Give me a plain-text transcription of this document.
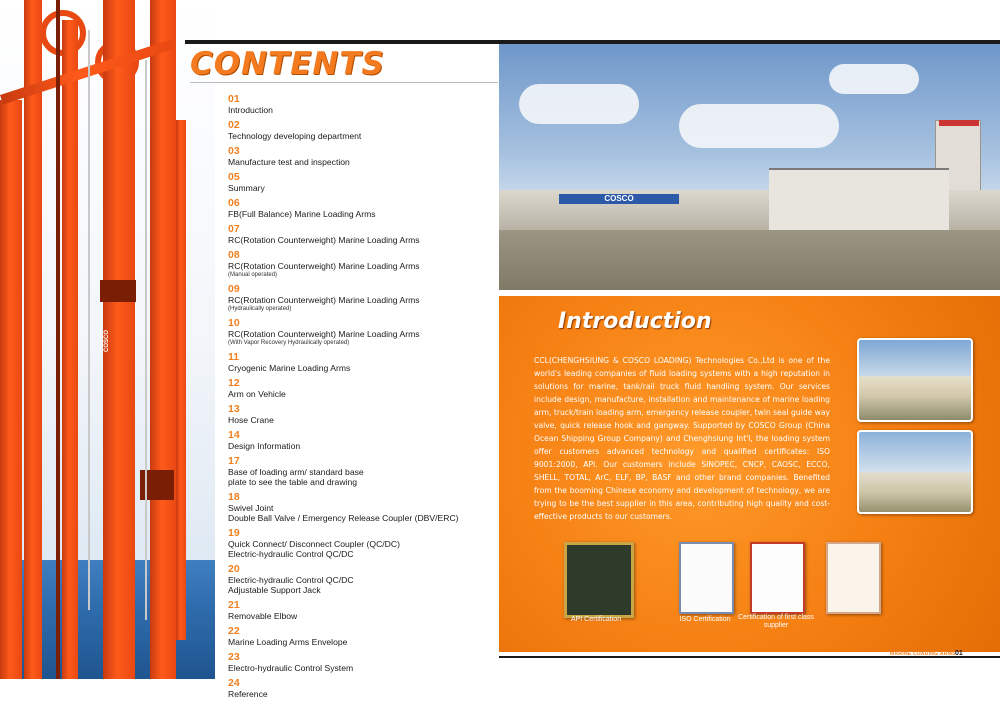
COSCO
CONTENTS
01
Introduction
02
Technology developing department
03
Manufacture test and inspection
05
Summary
06
FB(Full Balance) Marine Loading Arms
07
RC(Rotation Counterweight) Marine Loading Arms
08
RC(Rotation Counterweight) Marine Loading Arms
(Manual operated)
09
RC(Rotation Counterweight) Marine Loading Arms
(Hydraulically operated)
10
RC(Rotation Counterweight) Marine Loading Arms
(With Vapor Recovery Hydraulically operated)
11
Cryogenic Marine Loading Arms
12
Arm on Vehicle
13
Hose Crane
14
Design Information
17
Base of loading arm/ standard base
plate to see the table and drawing
18
Swivel Joint
Double Ball Valve / Emergency Release Coupler (DBV/ERC)
19
Quick Connect/ Disconnect Coupler (QC/DC)
Electric-hydraulic Control QC/DC
20
Electric-hydraulic Control QC/DC
Adjustable Support Jack
21
Removable Elbow
22
Marine Loading Arms Envelope
23
Electro-hydraulic Control System
24
Reference
COSCO
Introduction
CCL(CHENGHSIUNG & COSCO LOADING) Technologies Co.,Ltd is one of the world's leading companies of fluid loading systems with a high reputation in solutions for marine, tank/rail truck fluid handling system. Our services include design, manufacture, installation and maintenance of marine loading arm, truck/train loading arm, emergency release coupler, twin seal guide way valve, quick release hook and gangway. Supported by COSCO Group (China Ocean Shipping Group Company) and Chenghsiung Int'l, the loading system offer customers advanced technology and qualified certificates: ISO 9001:2000, API. Our customers include SINOPEC, CNCP, CAOSC, ECCO, SHELL, TOTAL, ArC, ELF, BP, BASF and other brand companies. Benefited from the booming Chinese economy and development of technology, we are trying to be the best supplier in this area, contributing high quality and cost-effective products to our customers.
API Certification	ISO Certification	Certification of first class supplier
MARINE LOADING ARMS 01
